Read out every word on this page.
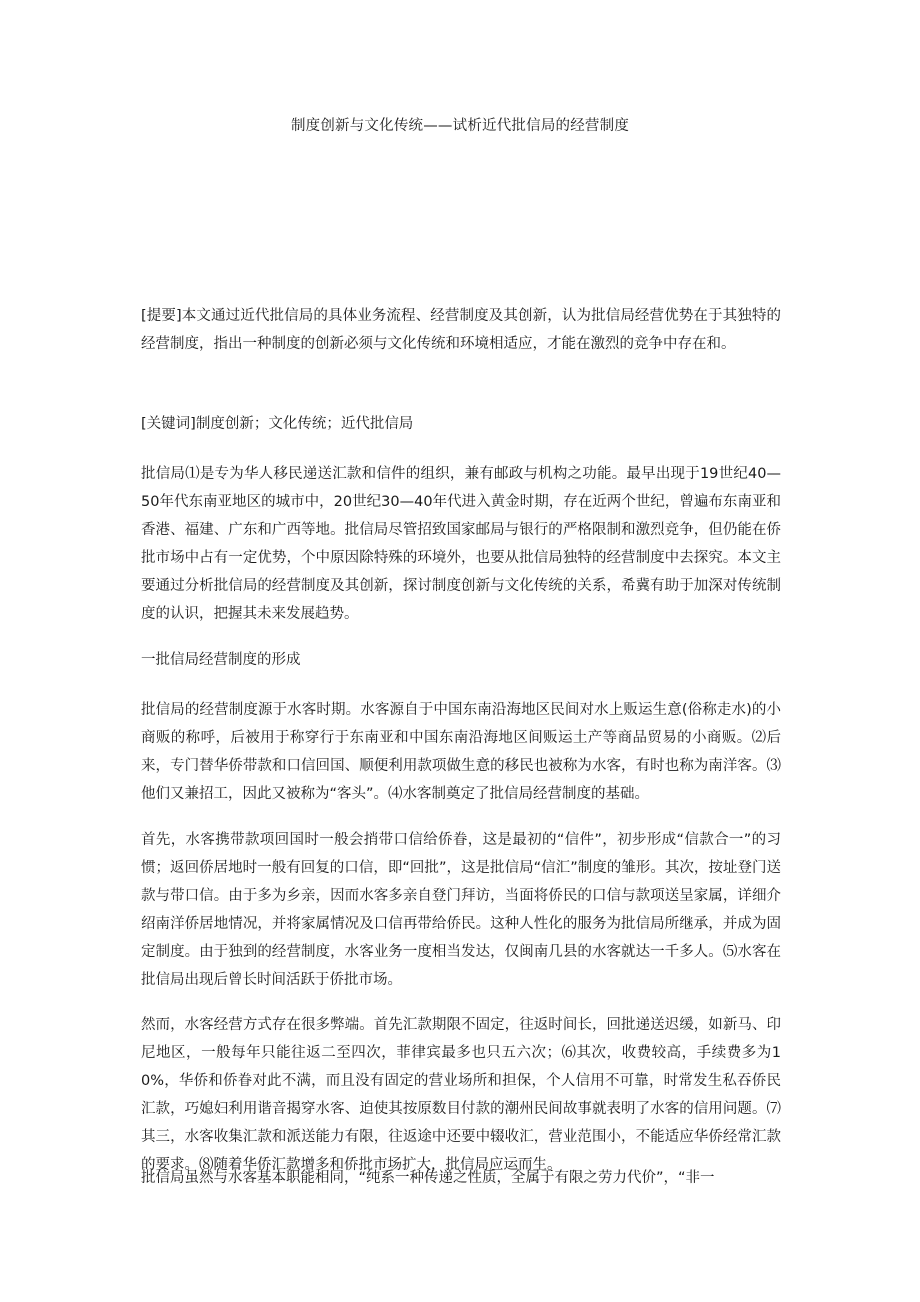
制度创新与文化传统——试析近代批信局的经营制度

[提要]本文通过近代批信局的具体业务流程、经营制度及其创新，认为批信局经营优势在于其独特的经营制度，指出一种制度的创新必须与文化传统和环境相适应，才能在激烈的竞争中存在和。

[关键词]制度创新；文化传统；近代批信局

批信局⑴是专为华人移民递送汇款和信件的组织，兼有邮政与机构之功能。最早出现于19世纪40—50年代东南亚地区的城市中，20世纪30—40年代进入黄金时期，存在近两个世纪，曾遍布东南亚和香港、福建、广东和广西等地。批信局尽管招致国家邮局与银行的严格限制和激烈竞争，但仍能在侨批市场中占有一定优势，个中原因除特殊的环境外，也要从批信局独特的经营制度中去探究。本文主要通过分析批信局的经营制度及其创新，探讨制度创新与文化传统的关系，希冀有助于加深对传统制度的认识，把握其未来发展趋势。

一批信局经营制度的形成

批信局的经营制度源于水客时期。水客源自于中国东南沿海地区民间对水上贩运生意(俗称走水)的小商贩的称呼，后被用于称穿行于东南亚和中国东南沿海地区间贩运土产等商品贸易的小商贩。⑵后来，专门替华侨带款和口信回国、顺便利用款项做生意的移民也被称为水客，有时也称为南洋客。⑶他们又兼招工，因此又被称为“客头”。⑷水客制奠定了批信局经营制度的基础。

首先，水客携带款项回国时一般会捎带口信给侨眷，这是最初的“信件”，初步形成“信款合一”的习惯；返回侨居地时一般有回复的口信，即“回批”，这是批信局“信汇”制度的雏形。其次，按址登门送款与带口信。由于多为乡亲，因而水客多亲自登门拜访，当面将侨民的口信与款项送呈家属，详细介绍南洋侨居地情况，并将家属情况及口信再带给侨民。这种人性化的服务为批信局所继承，并成为固定制度。由于独到的经营制度，水客业务一度相当发达，仅闽南几县的水客就达一千多人。⑸水客在批信局出现后曾长时间活跃于侨批市场。

然而，水客经营方式存在很多弊端。首先汇款期限不固定，往返时间长，回批递送迟缓，如新马、印尼地区，一般每年只能往返二至四次，菲律宾最多也只五六次；⑹其次，收费较高，手续费多为10%，华侨和侨眷对此不满，而且没有固定的营业场所和担保，个人信用不可靠，时常发生私吞侨民汇款，巧媳妇利用谐音揭穿水客、迫使其按原数目付款的潮州民间故事就表明了水客的信用问题。⑺其三，水客收集汇款和派送能力有限，往返途中还要中辍收汇，营业范围小，不能适应华侨经常汇款的要求。⑻随着华侨汇款增多和侨批市场扩大，批信局应运而生。

批信局虽然与水客基本职能相同，“纯系一种传递之性质，全属于有限之劳力代价”，“非一
